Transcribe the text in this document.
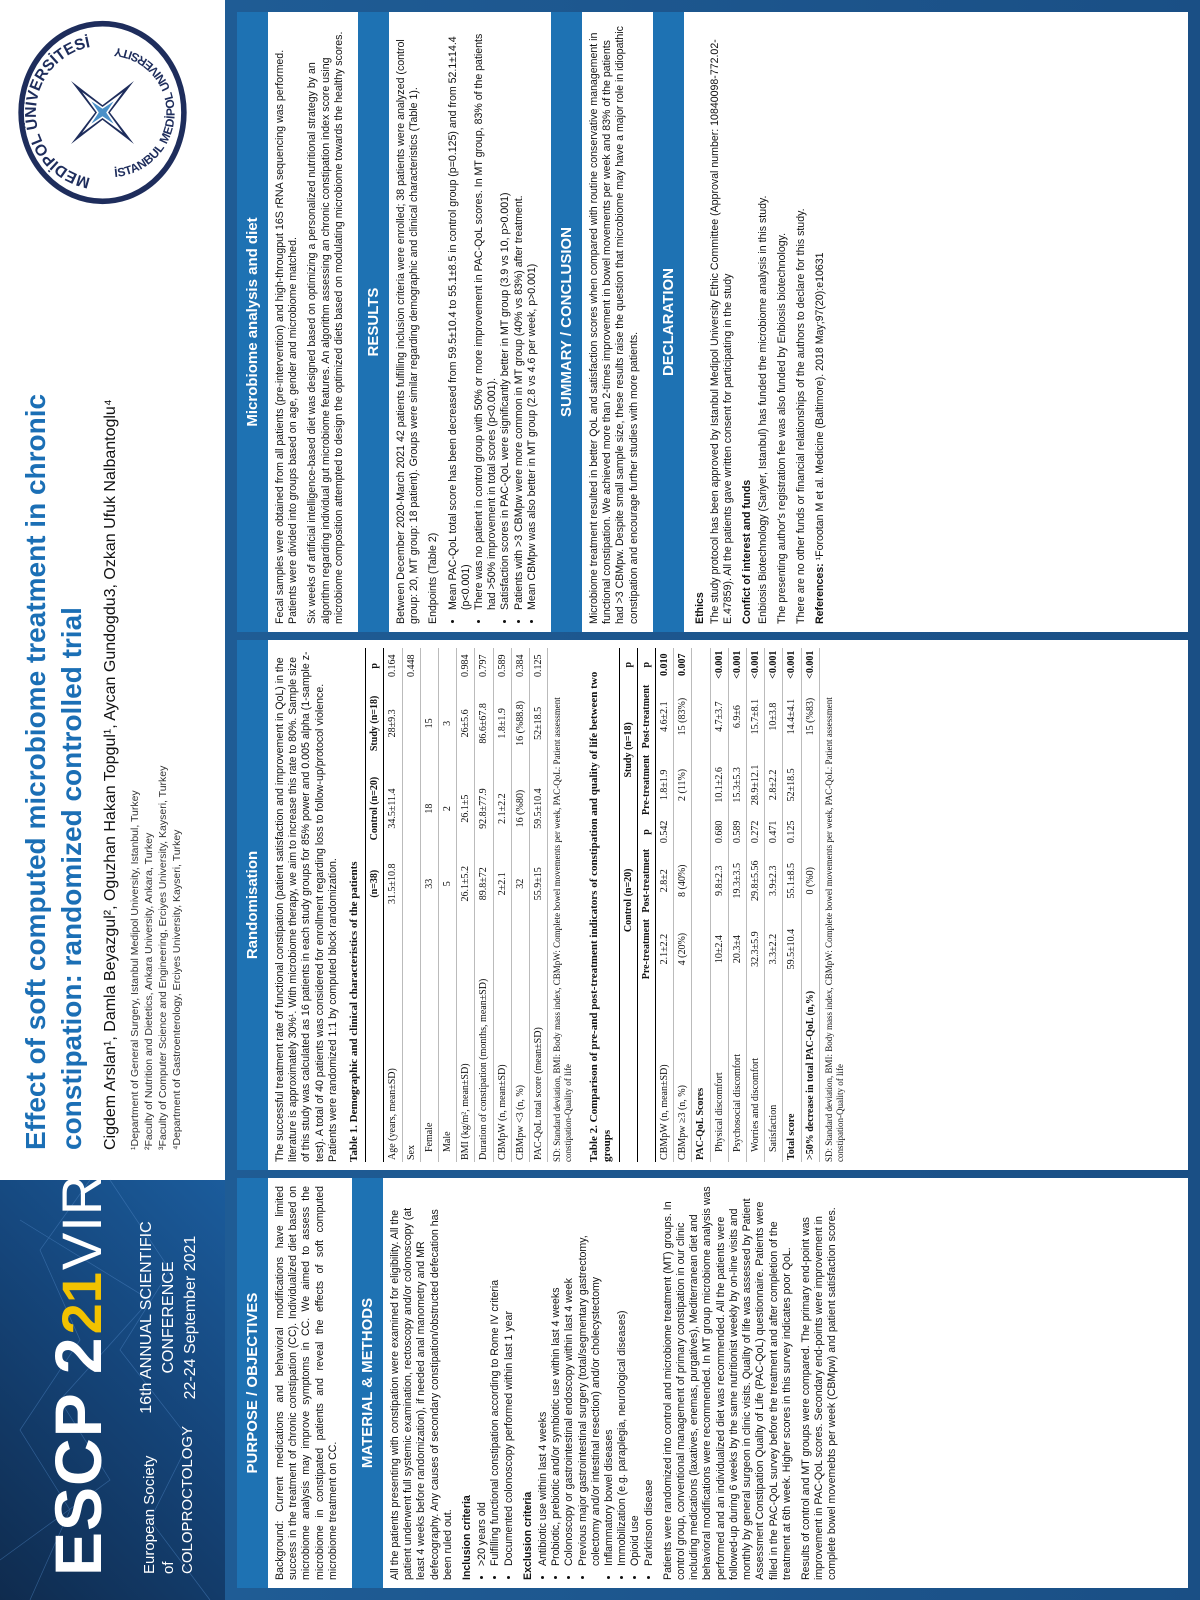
ESCP 221VIRTUAL
European Society of COLOPROCTOLOGY
16th ANNUAL SCIENTIFIC CONFERENCE 22-24 September 2021
Effect of soft computed microbiome treatment in chronic constipation: randomized controlled trial Cigdem Arslan¹, Damla Beyazgul², Oguzhan Hakan Topgul¹, Aycan Gundogdu3, Ozkan Ufuk Nalbantoglu⁴ ¹Department of General Surgery, Istanbul Medipol University, Istanbul, Turkey ²Faculty of Nutrition and Dietetics, Ankara University, Ankara, Turkey ³Faculty of Computer Science and Engineering, Erciyes University, Kayseri, Turkey ⁴Department of Gastroenterology, Erciyes University, Kayseri, Turkey
MEDİPOL ÜNİVERSİTESİ
İSTANBUL MEDİPOL UNIVERSITY
PURPOSE / OBJECTIVES	Background: Current medications and behavioral modifications have limited success in the treatment of chronic constipation (CC). Individualized diet based on microbiome analysis may improve symptoms in CC. We aimed to assess the microbiome in constipated patients and reveal the effects of soft computed microbiome treatment on CC.

MATERIAL & METHODS	All the patients presenting with constipation were examined for eligibility. All the patient underwent full systemic examination, rectoscopy and/or colonoscopy (at least 4 weeks before randomization), if needed anal manometry and MR defecography. Any causes of secondary constipation/obstructed defecation has been ruled out. Inclusion criteria • >20 years old • Fulfilling functional constipation according to Rome IV criteria • Documented colonoscopy performed within last 1 year Exclusion criteria • Antibiotic use within last 4 weeks • Probiotic, prebiotic and/or symbiotic use within last 4 weeks • Colonoscopy or gastrointestinal endoscopy within last 4 week • Previous major gastrointestinal surgery (total/segmentary gastrectomy, colectomy and/or intestinal resection) and/or cholecystectomy • Inflammatory bowel diseases • Immobilization (e.g. paraplegia, neurological diseases) • Opioid use • Parkinson disease Patients were randomized into control and microbiome treatment (MT) groups. In control group, conventional management of primary constipation in our clinic including medications (laxatives, enemas, purgatives), Mediterranean diet and behavioral modifications were recommended. In MT group microbiome analysis was performed and an individualized diet was recommended. All the patients were followed-up during 6 weeks by the same nutritionist weekly by on-line visits and monthly by general surgeon in clinic visits. Quality of life was assessed by Patient Assessment Constipation Quality of Life (PAC-QoL) questionnaire. Patients were filled in the PAC-QoL survey before the treatment and after completion of the treatment at 6th week. Higher scores in this survey indicates poor QoL. Results of control and MT groups were compared. The primary end-point was improvement in PAC-QoL scores. Secondary end-points were improvement in complete bowel movemebts per week (CBMpw) and patient satisfaction scores.

Randomisation	The successful treatment rate of functional constipation (patient satisfaction and improvement in QoL) in the literature is approximately 30%¹. With microbiome therapy, we aim to increase this rate to 80%. Sample size of this study was calculated as 16 patients in each study groups for 85% power and 0.005 alpha (1-sample z-test). A total of 40 patients was considered for enrollment regarding loss to follow-up/protocol violence. Patients were randomized 1:1 by computed block randomization. Table 1. Demographic and clinical characteristics of the patients
	(n=38)	Control (n=20)	Study (n=18)	p
Age (years, mean±SD)	31.5±10.8	34.5±11.4	28±9.3	0.164
Sex				0.448
Female	33	18	15	
Male	5	2	3	
BMI (kg/m², mean±SD)	26.1±5.2	26.1±5	26±5.6	0.984
Duration of constipation (months, mean±SD)	89.8±72	92.8±77.9	86.6±67.8	0.797
CBMpW (n, mean±SD)	2±2.1	2.1±2.2	1.8±1.9	0.589
CBMpw <3 (n, %)	32	16 (%80)	16 (%88.8)	0.384
PAC-QoL total score (mean±SD)	55.9±15	59.5±10.4	52±18.5	0.125
SD: Standard deviation, BMI: Body mass index, CBMpW: Complete bowel movements per week, PAC-QoL: Patient assessment constipation-Quality of life Table 2. Comparison of pre-and post-treatment indicators of constipation and quality of life between two groups
	Control (n=20)			Study (n=18)		p
	Pre-treatment	Post-treatment	p	Pre-treatment	Post-treatment	p
CBMpW (n, mean±SD)	2.1±2.2	2.8±2	0.542	1.8±1.9	4.6±2.1	0.010
CBMpw ≥3 (n, %)	4 (20%)	8 (40%)		2 (11%)	15 (83%)	0.007
PAC-QoL Scores						
Physical discomfort	10±2.4	9.8±2.3	0.680	10.1±2.6	4.7±3.7	<0.001
Psychosocial discomfort	20.3±4	19.3±3.5	0.589	15.3±5.3	6.9±6	<0.001
Worries and discomfort	32.3±5.9	29.8±5.56	0.272	28.9±12.1	15.7±8.1	<0.001
Satisfaction	3.3±2.2	3.9±2.3	0.471	2.8±2.2	10±3.8	<0.001
Total score	59.5±10.4	55.1±8.5	0.125	52±18.5	14.4±4.1	<0.001
>50% decrease in total PAC-QoL (n,%)		0 (%0)			15 (%83)	<0.001
SD: Standard deviation, BMI: Body mass index, CBMpW: Complete bowel movements per week, PAC-QoL: Patient assessment constipation-Quality of life
Microbiome analysis and diet	Fecal samples were obtained from all patients (pre-intervention) and high-througput 16S rRNA sequencing was performed. Patients were divided into groups based on age, gender and microbiome matched. Six weeks of artificial intelligence-based diet was designed based on optimizing a personalized nutritional strategy by an algorithm regarding individual gut microbiome features. An algorithm assessing an chronic constipation index score using microbiome composition attempted to design the optimized diets based on modulating microbiome towards the healthy scores.	RESULTS	Between December 2020-March 2021 42 patients fulfilling inclusion criteria were enrolled; 38 patients were analyzed (control group: 20, MT group: 18 patient). Groups were similar regarding demographic and clinical characteristics (Table 1). Endpoints (Table 2) • Mean PAC-QoL total score has been decreased from 59.5±10.4 to 55.1±8.5 in control group (p=0.125) and from 52.1±14.4 (p<0.001) • There was no patient in control group with 50% or more improvement in PAC-QoL scores. In MT group, 83% of the patients had >50% improvement in total scores (p<0.001). • Satisfaction scores in PAC-QoL were significantly better in MT group (3.9 vs 10, p>0.001) • Patients with >3 CBMpw were more common in MT group (40% vs 83%) after treatment. • Mean CBMpw was also better in MT group (2.8 vs 4.6 per week, p>0.001)	SUMMARY / CONCLUSION	Microbiome treatment resulted in better QoL and satisfaction scores when compared with routine conservative management in functional constipation. We achieved more than 2-times improvement in bowel movements per week and 83% of the patients had >3 CBMpw. Despite small sample size, these results raise the question that microbiome may have a major role in idiopathic constipation and encourage further studies with more patients.

DECLARATION
Ethics The study protocol has been approved by Istanbul Medipol University Ethic Committee (Approval number: 10840098-772.02-E.47859). All the patients gave written consent for participating in the study Confict of interest and funds Enbiosis Biotechnology (Sariyer, Istanbul) has funded the microbiome analysis in this study. The presenting author's registration fee was also funded by Enbiosis biotechnology. There are no other funds or financial relationships of the authors to declare for this study. References: ¹Forootan M et al. Medicine (Baltimore). 2018 May;97(20):e10631
